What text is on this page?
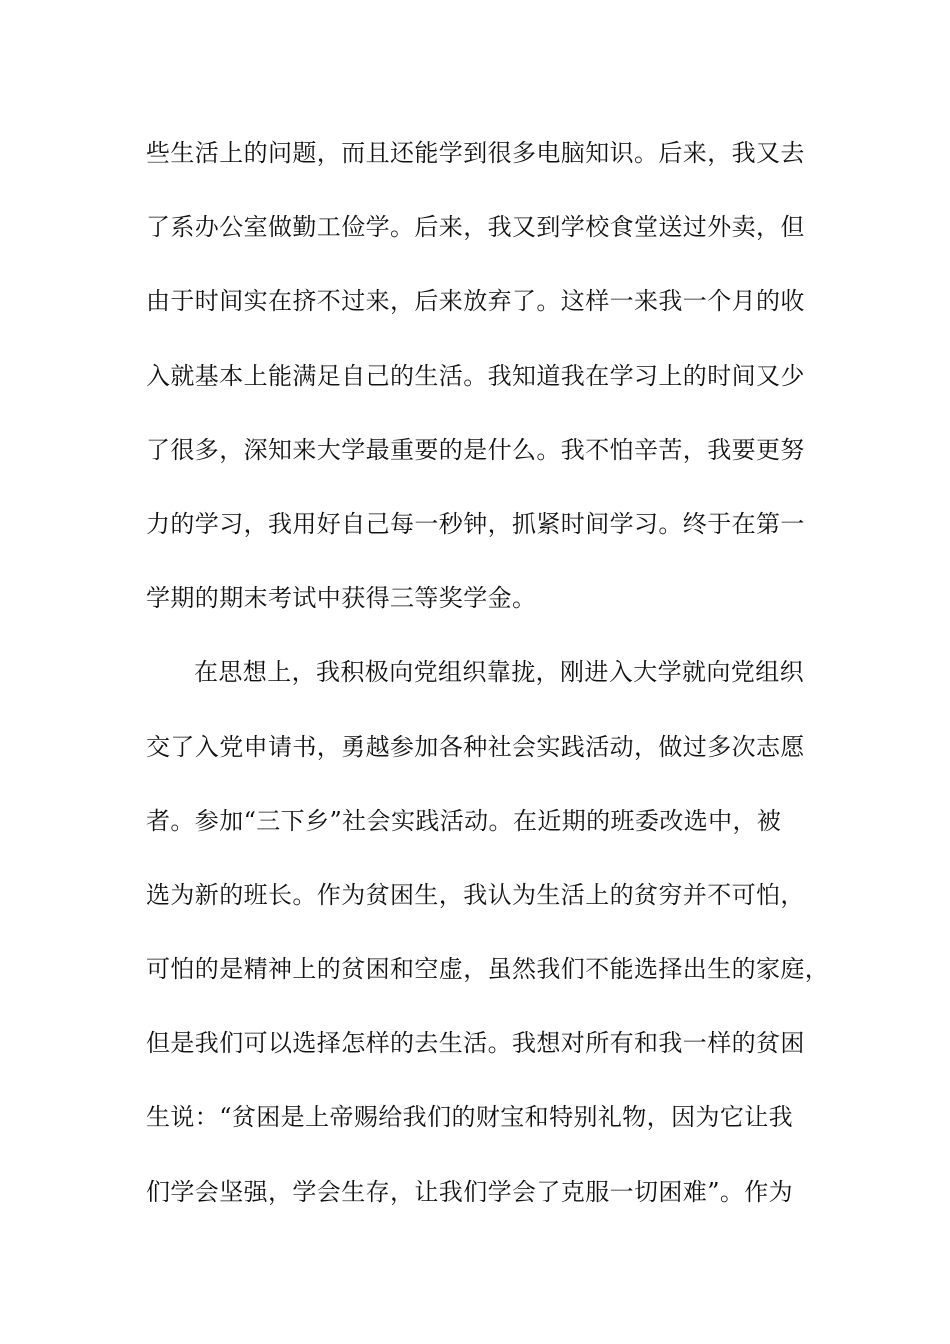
些生活上的问题，而且还能学到很多电脑知识。后来，我又去
了系办公室做勤工俭学。后来，我又到学校食堂送过外卖，但
由于时间实在挤不过来，后来放弃了。这样一来我一个月的收
入就基本上能满足自己的生活。我知道我在学习上的时间又少
了很多，深知来大学最重要的是什么。我不怕辛苦，我要更努
力的学习，我用好自己每一秒钟，抓紧时间学习。终于在第一
学期的期末考试中获得三等奖学金。
在思想上，我积极向党组织靠拢，刚进入大学就向党组织
交了入党申请书，勇越参加各种社会实践活动，做过多次志愿
者。参加“三下乡”社会实践活动。在近期的班委改选中，被
选为新的班长。作为贫困生，我认为生活上的贫穷并不可怕，
可怕的是精神上的贫困和空虚，虽然我们不能选择出生的家庭，
但是我们可以选择怎样的去生活。我想对所有和我一样的贫困
生说：“贫困是上帝赐给我们的财宝和特别礼物，因为它让我
们学会坚强，学会生存，让我们学会了克服一切困难”。作为
